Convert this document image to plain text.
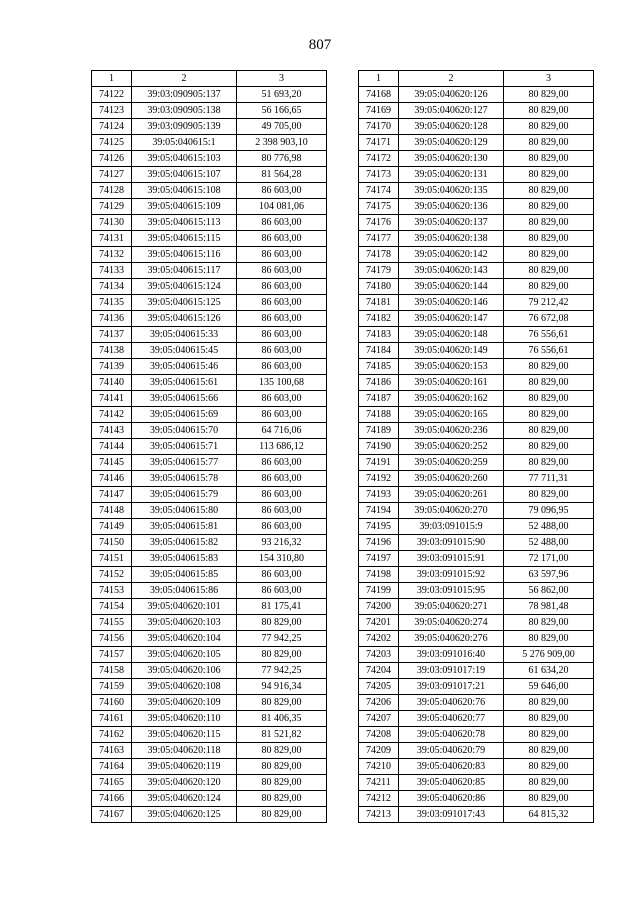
807
1	2	3
74122	39:03:090905:137	51 693,20
74123	39:03:090905:138	56 166,65
74124	39:03:090905:139	49 705,00
74125	39:05:040615:1	2 398 903,10
74126	39:05:040615:103	80 776,98
74127	39:05:040615:107	81 564,28
74128	39:05:040615:108	86 603,00
74129	39:05:040615:109	104 081,06
74130	39:05:040615:113	86 603,00
74131	39:05:040615:115	86 603,00
74132	39:05:040615:116	86 603,00
74133	39:05:040615:117	86 603,00
74134	39:05:040615:124	86 603,00
74135	39:05:040615:125	86 603,00
74136	39:05:040615:126	86 603,00
74137	39:05:040615:33	86 603,00
74138	39:05:040615:45	86 603,00
74139	39:05:040615:46	86 603,00
74140	39:05:040615:61	135 100,68
74141	39:05:040615:66	86 603,00
74142	39:05:040615:69	86 603,00
74143	39:05:040615:70	64 716,06
74144	39:05:040615:71	113 686,12
74145	39:05:040615:77	86 603,00
74146	39:05:040615:78	86 603,00
74147	39:05:040615:79	86 603,00
74148	39:05:040615:80	86 603,00
74149	39:05:040615:81	86 603,00
74150	39:05:040615:82	93 216,32
74151	39:05:040615:83	154 310,80
74152	39:05:040615:85	86 603,00
74153	39:05:040615:86	86 603,00
74154	39:05:040620:101	81 175,41
74155	39:05:040620:103	80 829,00
74156	39:05:040620:104	77 942,25
74157	39:05:040620:105	80 829,00
74158	39:05:040620:106	77 942,25
74159	39:05:040620:108	94 916,34
74160	39:05:040620:109	80 829,00
74161	39:05:040620:110	81 406,35
74162	39:05:040620:115	81 521,82
74163	39:05:040620:118	80 829,00
74164	39:05:040620:119	80 829,00
74165	39:05:040620:120	80 829,00
74166	39:05:040620:124	80 829,00
74167	39:05:040620:125	80 829,00
1	2	3
74168	39:05:040620:126	80 829,00
74169	39:05:040620:127	80 829,00
74170	39:05:040620:128	80 829,00
74171	39:05:040620:129	80 829,00
74172	39:05:040620:130	80 829,00
74173	39:05:040620:131	80 829,00
74174	39:05:040620:135	80 829,00
74175	39:05:040620:136	80 829,00
74176	39:05:040620:137	80 829,00
74177	39:05:040620:138	80 829,00
74178	39:05:040620:142	80 829,00
74179	39:05:040620:143	80 829,00
74180	39:05:040620:144	80 829,00
74181	39:05:040620:146	79 212,42
74182	39:05:040620:147	76 672,08
74183	39:05:040620:148	76 556,61
74184	39:05:040620:149	76 556,61
74185	39:05:040620:153	80 829,00
74186	39:05:040620:161	80 829,00
74187	39:05:040620:162	80 829,00
74188	39:05:040620:165	80 829,00
74189	39:05:040620:236	80 829,00
74190	39:05:040620:252	80 829,00
74191	39:05:040620:259	80 829,00
74192	39:05:040620:260	77 711,31
74193	39:05:040620:261	80 829,00
74194	39:05:040620:270	79 096,95
74195	39:03:091015:9	52 488,00
74196	39:03:091015:90	52 488,00
74197	39:03:091015:91	72 171,00
74198	39:03:091015:92	63 597,96
74199	39:03:091015:95	56 862,00
74200	39:05:040620:271	78 981,48
74201	39:05:040620:274	80 829,00
74202	39:05:040620:276	80 829,00
74203	39:03:091016:40	5 276 909,00
74204	39:03:091017:19	61 634,20
74205	39:03:091017:21	59 646,00
74206	39:05:040620:76	80 829,00
74207	39:05:040620:77	80 829,00
74208	39:05:040620:78	80 829,00
74209	39:05:040620:79	80 829,00
74210	39:05:040620:83	80 829,00
74211	39:05:040620:85	80 829,00
74212	39:05:040620:86	80 829,00
74213	39:03:091017:43	64 815,32
